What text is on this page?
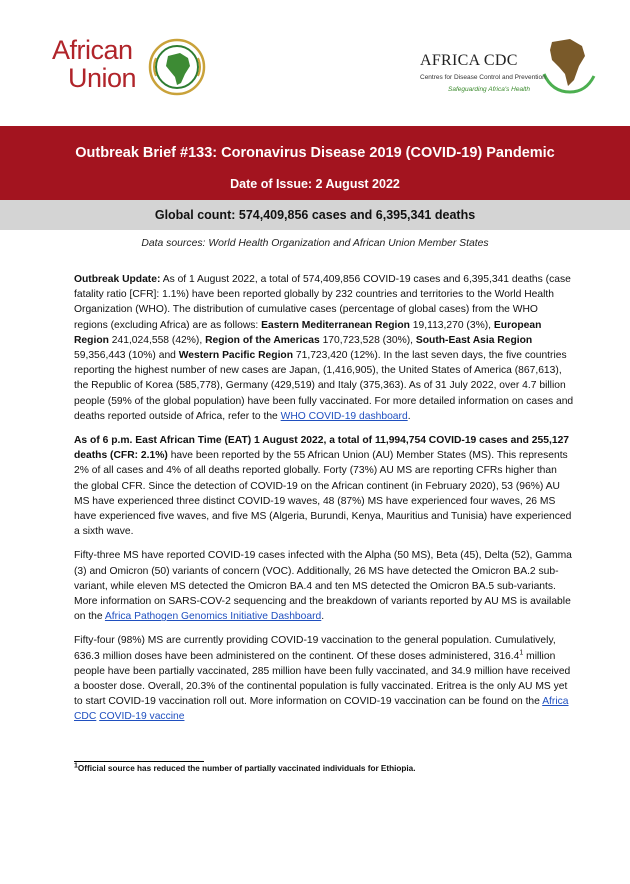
African
Union
AFRICA CDC
Centres for Disease Control and Prevention
Safeguarding Africa's Health
Outbreak Brief #133: Coronavirus Disease 2019 (COVID-19) Pandemic
Date of Issue: 2 August 2022
Global count: 574,409,856 cases and 6,395,341 deaths
Data sources: World Health Organization and African Union Member States

Outbreak Update: As of 1 August 2022, a total of 574,409,856 COVID-19 cases and 6,395,341 deaths (case fatality ratio [CFR]: 1.1%) have been reported globally by 232 countries and territories to the World Health Organization (WHO). The distribution of cumulative cases (percentage of global cases) from the WHO regions (excluding Africa) are as follows: Eastern Mediterranean Region 19,113,270 (3%), European Region 241,024,558 (42%), Region of the Americas 170,723,528 (30%), South-East Asia Region 59,356,443 (10%) and Western Pacific Region 71,723,420 (12%). In the last seven days, the five countries reporting the highest number of new cases are Japan, (1,416,905), the United States of America (867,613), the Republic of Korea (585,778), Germany (429,519) and Italy (375,363). As of 31 July 2022, over 4.7 billion people (59% of the global population) have been fully vaccinated. For more detailed information on cases and deaths reported outside of Africa, refer to the WHO COVID-19 dashboard.

As of 6 p.m. East African Time (EAT) 1 August 2022, a total of 11,994,754 COVID-19 cases and 255,127 deaths (CFR: 2.1%) have been reported by the 55 African Union (AU) Member States (MS). This represents 2% of all cases and 4% of all deaths reported globally. Forty (73%) AU MS are reporting CFRs higher than the global CFR. Since the detection of COVID-19 on the African continent (in February 2020), 53 (96%) AU MS have experienced three distinct COVID-19 waves, 48 (87%) MS have experienced four waves, 26 MS have experienced five waves, and five MS (Algeria, Burundi, Kenya, Mauritius and Tunisia) have experienced a sixth wave.

Fifty-three MS have reported COVID-19 cases infected with the Alpha (50 MS), Beta (45), Delta (52), Gamma (3) and Omicron (50) variants of concern (VOC). Additionally, 26 MS have detected the Omicron BA.2 sub-variant, while eleven MS detected the Omicron BA.4 and ten MS detected the Omicron BA.5 sub-variants. More information on SARS-COV-2 sequencing and the breakdown of variants reported by AU MS is available on the Africa Pathogen Genomics Initiative Dashboard.

Fifty-four (98%) MS are currently providing COVID-19 vaccination to the general population. Cumulatively, 636.3 million doses have been administered on the continent. Of these doses administered, 316.4$^1$ million people have been partially vaccinated, 285 million have been fully vaccinated, and 34.9 million have received a booster dose. Overall, 20.3% of the continental population is fully vaccinated. Eritrea is the only AU MS yet to start COVID-19 vaccination roll out. More information on COVID-19 vaccination can be found on the Africa CDC COVID-19 vaccine

$^1$Official source has reduced the number of partially vaccinated individuals for Ethiopia.
